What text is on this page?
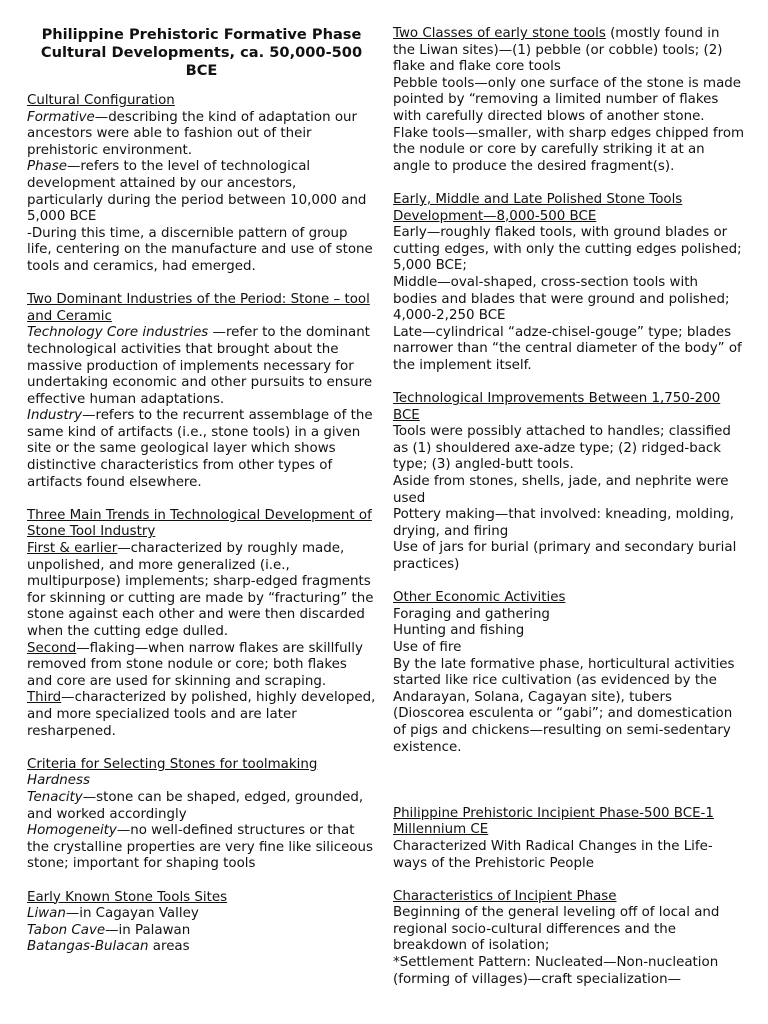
Philippine Prehistoric Formative Phase
Cultural Developments, ca. 50,000-500 BCE

Cultural Configuration

Formative—describing the kind of adaptation our ancestors were able to fashion out of their prehistoric environment.

Phase—refers to the level of technological development attained by our ancestors, particularly during the period between 10,000 and 5,000 BCE

-During this time, a discernible pattern of group life, centering on the manufacture and use of stone tools and ceramics, had emerged.

Two Dominant Industries of the Period: Stone – tool and Ceramic

Technology Core industries —refer to the dominant technological activities that brought about the massive production of implements necessary for undertaking economic and other pursuits to ensure effective human adaptations.

Industry—refers to the recurrent assemblage of the same kind of artifacts (i.e., stone tools) in a given site or the same geological layer which shows distinctive characteristics from other types of artifacts found elsewhere.

Three Main Trends in Technological Development of Stone Tool Industry

First & earlier—characterized by roughly made, unpolished, and more generalized (i.e., multipurpose) implements; sharp-edged fragments for skinning or cutting are made by “fracturing” the stone against each other and were then discarded when the cutting edge dulled.

Second—flaking—when narrow flakes are skillfully removed from stone nodule or core; both flakes and core are used for skinning and scraping.

Third—characterized by polished, highly developed, and more specialized tools and are later resharpened.

Criteria for Selecting Stones for toolmaking

Hardness

Tenacity—stone can be shaped, edged, grounded, and worked accordingly

Homogeneity—no well-defined structures or that the crystalline properties are very fine like siliceous stone; important for shaping tools

Early Known Stone Tools Sites

Liwan—in Cagayan Valley

Tabon Cave—in Palawan

Batangas-Bulacan areas

Two Classes of early stone tools (mostly found in the Liwan sites)—(1) pebble (or cobble) tools; (2) flake and flake core tools

Pebble tools—only one surface of the stone is made pointed by “removing a limited number of flakes with carefully directed blows of another stone.

Flake tools—smaller, with sharp edges chipped from the nodule or core by carefully striking it at an angle to produce the desired fragment(s).

Early, Middle and Late Polished Stone Tools Development—8,000-500 BCE

Early—roughly flaked tools, with ground blades or cutting edges, with only the cutting edges polished; 5,000 BCE;

Middle—oval-shaped, cross-section tools with bodies and blades that were ground and polished; 4,000-2,250 BCE

Late—cylindrical “adze-chisel-gouge” type; blades narrower than “the central diameter of the body” of the implement itself.

Technological Improvements Between 1,750-200 BCE

Tools were possibly attached to handles; classified as (1) shouldered axe-adze type; (2) ridged-back type; (3) angled-butt tools.

Aside from stones, shells, jade, and nephrite were used

Pottery making—that involved: kneading, molding, drying, and firing

Use of jars for burial (primary and secondary burial practices)

Other Economic Activities

Foraging and gathering

Hunting and fishing

Use of fire

By the late formative phase, horticultural activities started like rice cultivation (as evidenced by the Andarayan, Solana, Cagayan site), tubers (Dioscorea esculenta or “gabi”; and domestication of pigs and chickens—resulting on semi-sedentary existence.

Philippine Prehistoric Incipient Phase-500 BCE-1 Millennium CE

Characterized With Radical Changes in the Life-ways of the Prehistoric People

Characteristics of Incipient Phase

Beginning of the general leveling off of local and regional socio-cultural differences and the breakdown of isolation;

*Settlement Pattern: Nucleated—Non-nucleation (forming of villages)—craft specialization—
